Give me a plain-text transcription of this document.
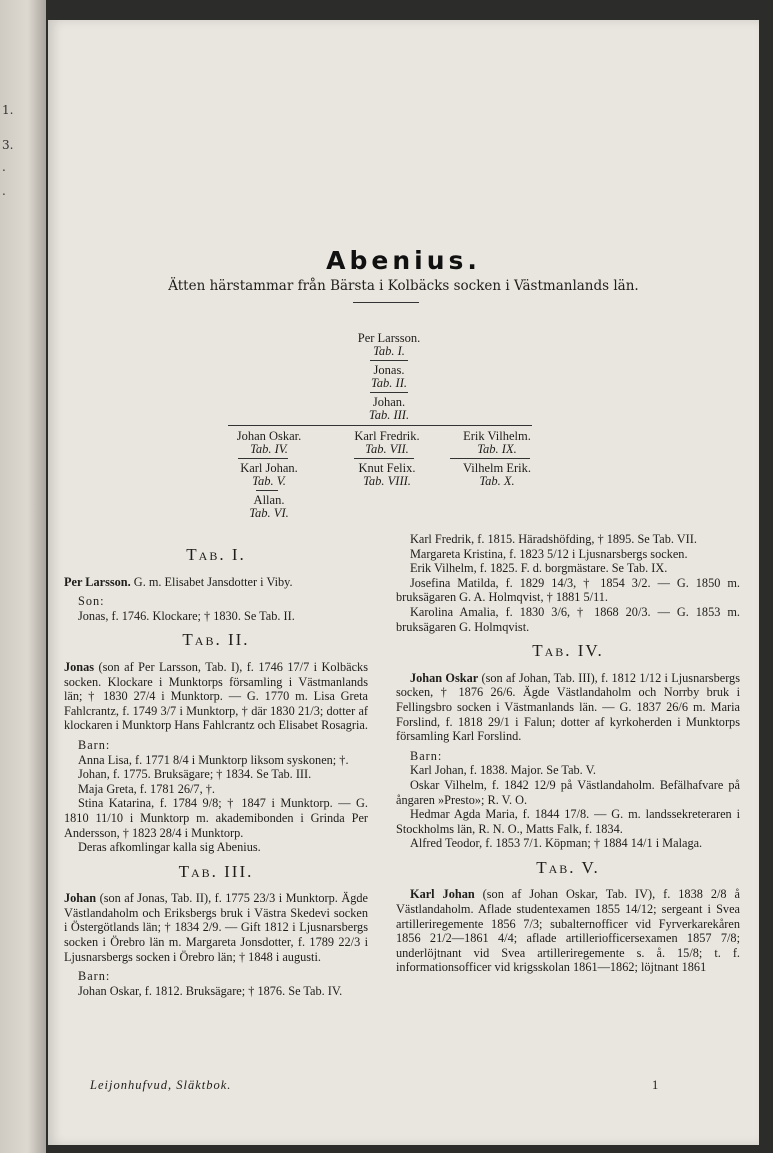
1.
3.
.
.
Abenius.
Ätten härstammar från Bärsta i Kolbäcks socken i Västmanlands län.
Per Larsson.
Tab. I.
Jonas.
Tab. II.
Johan.
Tab. III.
Johan Oskar.
Tab. IV.
Karl Fredrik.
Tab. VII.
Erik Vilhelm.
Tab. IX.
Karl Johan.
Tab. V.
Knut Felix.
Tab. VIII.
Vilhelm Erik.
Tab. X.
Allan.
Tab. VI.

Tab. I.

Per Larsson. G. m. Elisabet Jansdotter i Viby.

Son:

Jonas, f. 1746. Klockare; † 1830. Se Tab. II.

Tab. II.

Jonas (son af Per Larsson, Tab. I), f. 1746 17/7 i Kolbäcks socken. Klockare i Munktorps församling i Västmanlands län; † 1830 27/4 i Munktorp. — G. 1770 m. Lisa Greta Fahlcrantz, f. 1749 3/7 i Munktorp, † där 1830 21/3; dotter af klockaren i Munktorp Hans Fahlcrantz och Elisabet Rosagria.

Barn:

Anna Lisa, f. 1771 8/4 i Munktorp liksom syskonen; †.

Johan, f. 1775. Bruksägare; † 1834. Se Tab. III.

Maja Greta, f. 1781 26/7, †.

Stina Katarina, f. 1784 9/8; † 1847 i Munktorp. — G. 1810 11/10 i Munktorp m. akademibonden i Grinda Per Andersson, † 1823 28/4 i Munktorp.

Deras afkomlingar kalla sig Abenius.

Tab. III.

Johan (son af Jonas, Tab. II), f. 1775 23/3 i Munktorp. Ägde Västlandaholm och Eriksbergs bruk i Västra Skedevi socken i Östergötlands län; † 1834 2/9. — Gift 1812 i Ljusnarsbergs socken i Örebro län m. Margareta Jonsdotter, f. 1789 22/3 i Ljusnarsbergs socken i Örebro län; † 1848 i augusti.

Barn:

Johan Oskar, f. 1812. Bruksägare; † 1876. Se Tab. IV.

Karl Fredrik, f. 1815. Häradshöfding, † 1895. Se Tab. VII.

Margareta Kristina, f. 1823 5/12 i Ljusnarsbergs socken.

Erik Vilhelm, f. 1825. F. d. borgmästare. Se Tab. IX.

Josefina Matilda, f. 1829 14/3, † 1854 3/2. — G. 1850 m. bruksägaren G. A. Holmqvist, † 1881 5/11.

Karolina Amalia, f. 1830 3/6, † 1868 20/3. — G. 1853 m. bruksägaren G. Holmqvist.

Tab. IV.

Johan Oskar (son af Johan, Tab. III), f. 1812 1/12 i Ljusnarsbergs socken, † 1876 26/6. Ägde Västlandaholm och Norrby bruk i Fellingsbro socken i Västmanlands län. — G. 1837 26/6 m. Maria Forslind, f. 1818 29/1 i Falun; dotter af kyrkoherden i Munktorps församling Karl Forslind.

Barn:

Karl Johan, f. 1838. Major. Se Tab. V.

Oskar Vilhelm, f. 1842 12/9 på Västlandaholm. Befälhafvare på ångaren »Presto»; R. V. O.

Hedmar Agda Maria, f. 1844 17/8. — G. m. landssekreteraren i Stockholms län, R. N. O., Matts Falk, f. 1834.

Alfred Teodor, f. 1853 7/1. Köpman; † 1884 14/1 i Malaga.

Tab. V.

Karl Johan (son af Johan Oskar, Tab. IV), f. 1838 2/8 å Västlandaholm. Aflade studentexamen 1855 14/12; sergeant i Svea artilleriregemente 1856 7/3; subalternofficer vid Fyrverkarekåren 1856 21/2—1861 4/4; aflade artilleriofficersexamen 1857 7/8; underlöjtnant vid Svea artilleriregemente s. å. 15/8; t. f. informationsofficer vid krigsskolan 1861—1862; löjtnant 1861

Leijonhufvud, Släktbok.	1
